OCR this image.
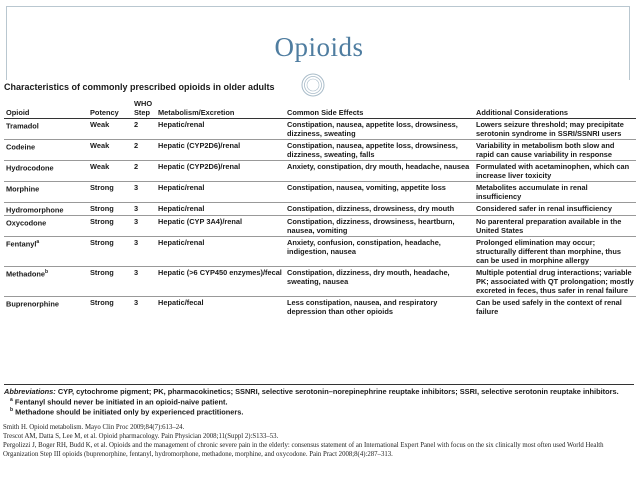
Opioids
Characteristics of commonly prescribed opioids in older adults
Opioid	Potency	WHO Step	Metabolism/Excretion	Common Side Effects	Additional Considerations
Tramadol	Weak	2	Hepatic/renal	Constipation, nausea, appetite loss, drowsiness, dizziness, sweating	Lowers seizure threshold; may precipitate serotonin syndrome in SSRI/SSNRI users
Codeine	Weak	2	Hepatic (CYP2D6)/renal	Constipation, nausea, appetite loss, drowsiness, dizziness, sweating, falls	Variability in metabolism both slow and rapid can cause variability in response
Hydrocodone	Weak	2	Hepatic (CYP2D6)/renal	Anxiety, constipation, dry mouth, headache, nausea	Formulated with acetaminophen, which can increase liver toxicity
Morphine	Strong	3	Hepatic/renal	Constipation, nausea, vomiting, appetite loss	Metabolites accumulate in renal insufficiency
Hydromorphone	Strong	3	Hepatic/renal	Constipation, dizziness, drowsiness, dry mouth	Considered safer in renal insufficiency
Oxycodone	Strong	3	Hepatic (CYP 3A4)/renal	Constipation, dizziness, drowsiness, heartburn, nausea, vomiting	No parenteral preparation available in the United States
Fentanyl$^a$	Strong	3	Hepatic/renal	Anxiety, confusion, constipation, headache, indigestion, nausea	Prolonged elimination may occur; structurally different than morphine, thus can be used in morphine allergy
Methadone$^b$	Strong	3	Hepatic (>6 CYP450 enzymes)/fecal	Constipation, dizziness, dry mouth, headache, sweating, nausea	Multiple potential drug interactions; variable PK; associated with QT prolongation; mostly excreted in feces, thus safer in renal failure
Buprenorphine	Strong	3	Hepatic/fecal	Less constipation, nausea, and respiratory depression than other opioids	Can be used safely in the context of renal failure
Abbreviations: CYP, cytochrome pigment; PK, pharmacokinetics; SSNRI, selective serotonin–norepinephrine reuptake inhibitors; SSRI, selective serotonin reuptake inhibitors.
$^a$ Fentanyl should never be initiated in an opioid-naive patient.
$^b$ Methadone should be initiated only by experienced practitioners.
Smith H. Opioid metabolism. Mayo Clin Proc 2009;84(7):613–24.
Trescot AM, Datta S, Lee M, et al. Opioid pharmacology. Pain Physician 2008;11(Suppl 2):S133–53.
Pergolizzi J, Boger RH, Budd K, et al. Opioids and the management of chronic severe pain in the elderly: consensus statement of an International Expert Panel with focus on the six clinically most often used World Health Organization Step III opioids (buprenorphine, fentanyl, hydromorphone, methadone, morphine, and oxycodone. Pain Pract 2008;8(4):287–313.
